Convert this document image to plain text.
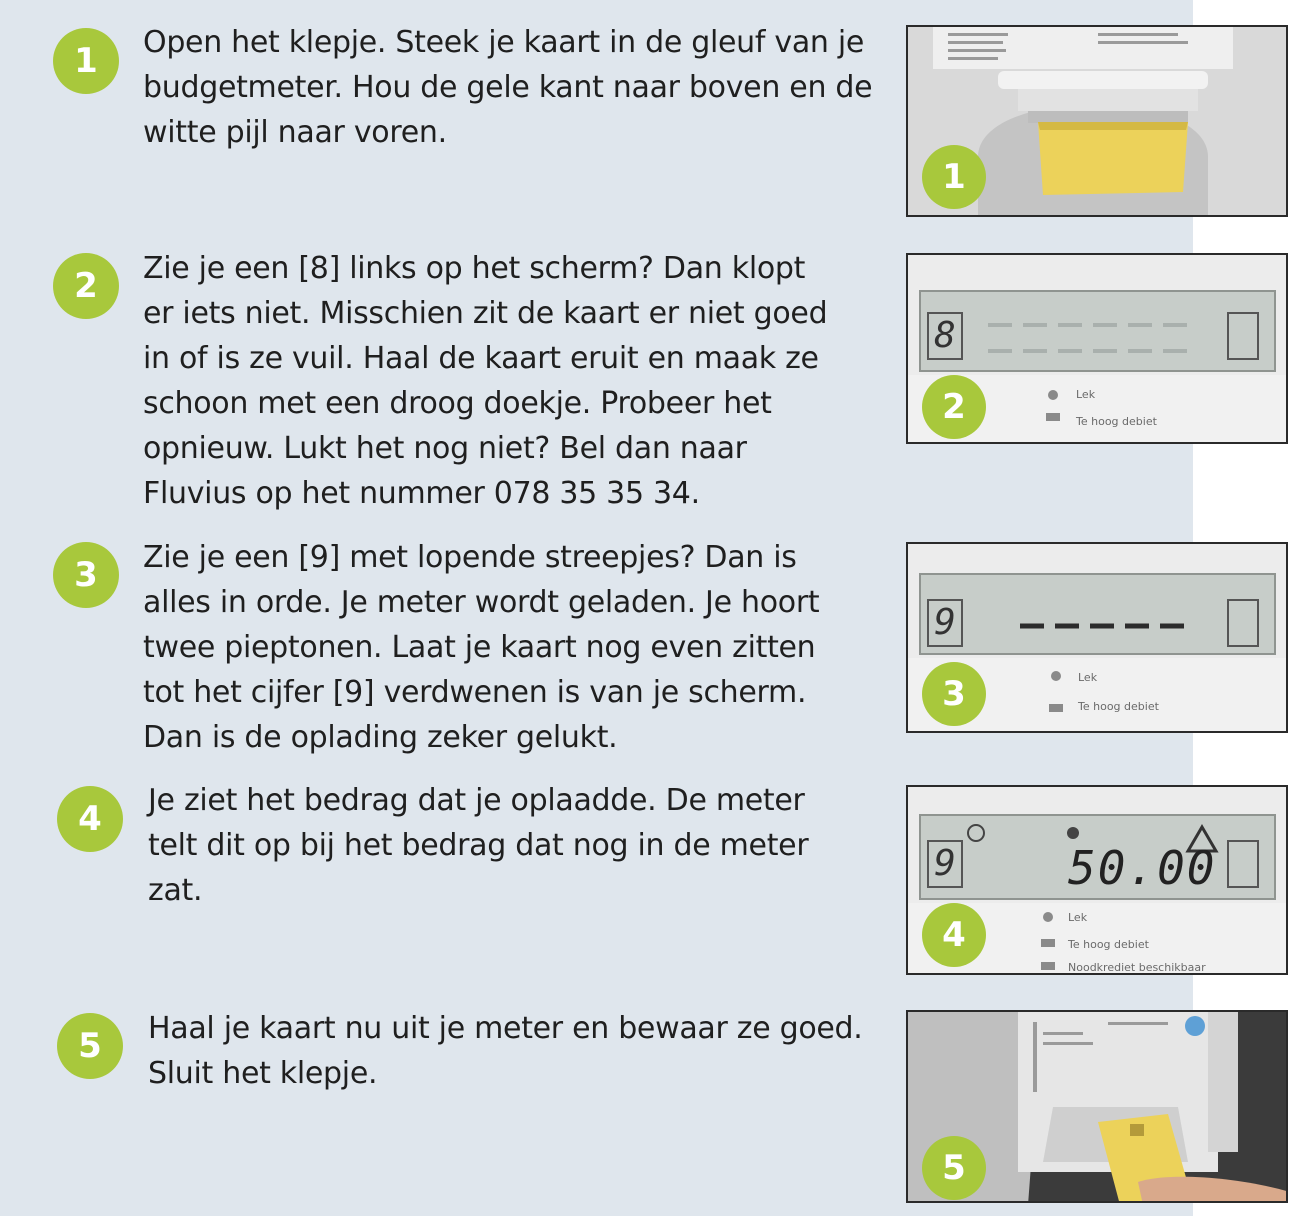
1	Open het klepje. Steek je kaart in de gleuf van je budgetmeter. Hou de gele kant naar boven en de witte pijl naar voren.
2	Zie je een [8] links op het scherm? Dan klopt er iets niet. Misschien zit de kaart er niet goed in of is ze vuil. Haal de kaart eruit en maak ze schoon met een droog doekje. Probeer het opnieuw. Lukt het nog niet? Bel dan naar Fluvius op het nummer 078 35 35 34.
3	Zie je een [9] met lopende streepjes? Dan is alles in orde. Je meter wordt geladen. Je hoort twee pieptonen. Laat je kaart nog even zitten tot het cijfer [9] verdwenen is van je scherm. Dan is de oplading zeker gelukt.
4	Je ziet het bedrag dat je oplaadde. De meter telt dit op bij het bedrag dat nog in de meter zat.
5	Haal je kaart nu uit je meter en bewaar ze goed. Sluit het klepje.
1
8
Lek
Te hoog debiet
2
9
Lek
Te hoog debiet
3
9 50.00
Lek
Te hoog debiet
Noodkrediet beschikbaar
4
5
